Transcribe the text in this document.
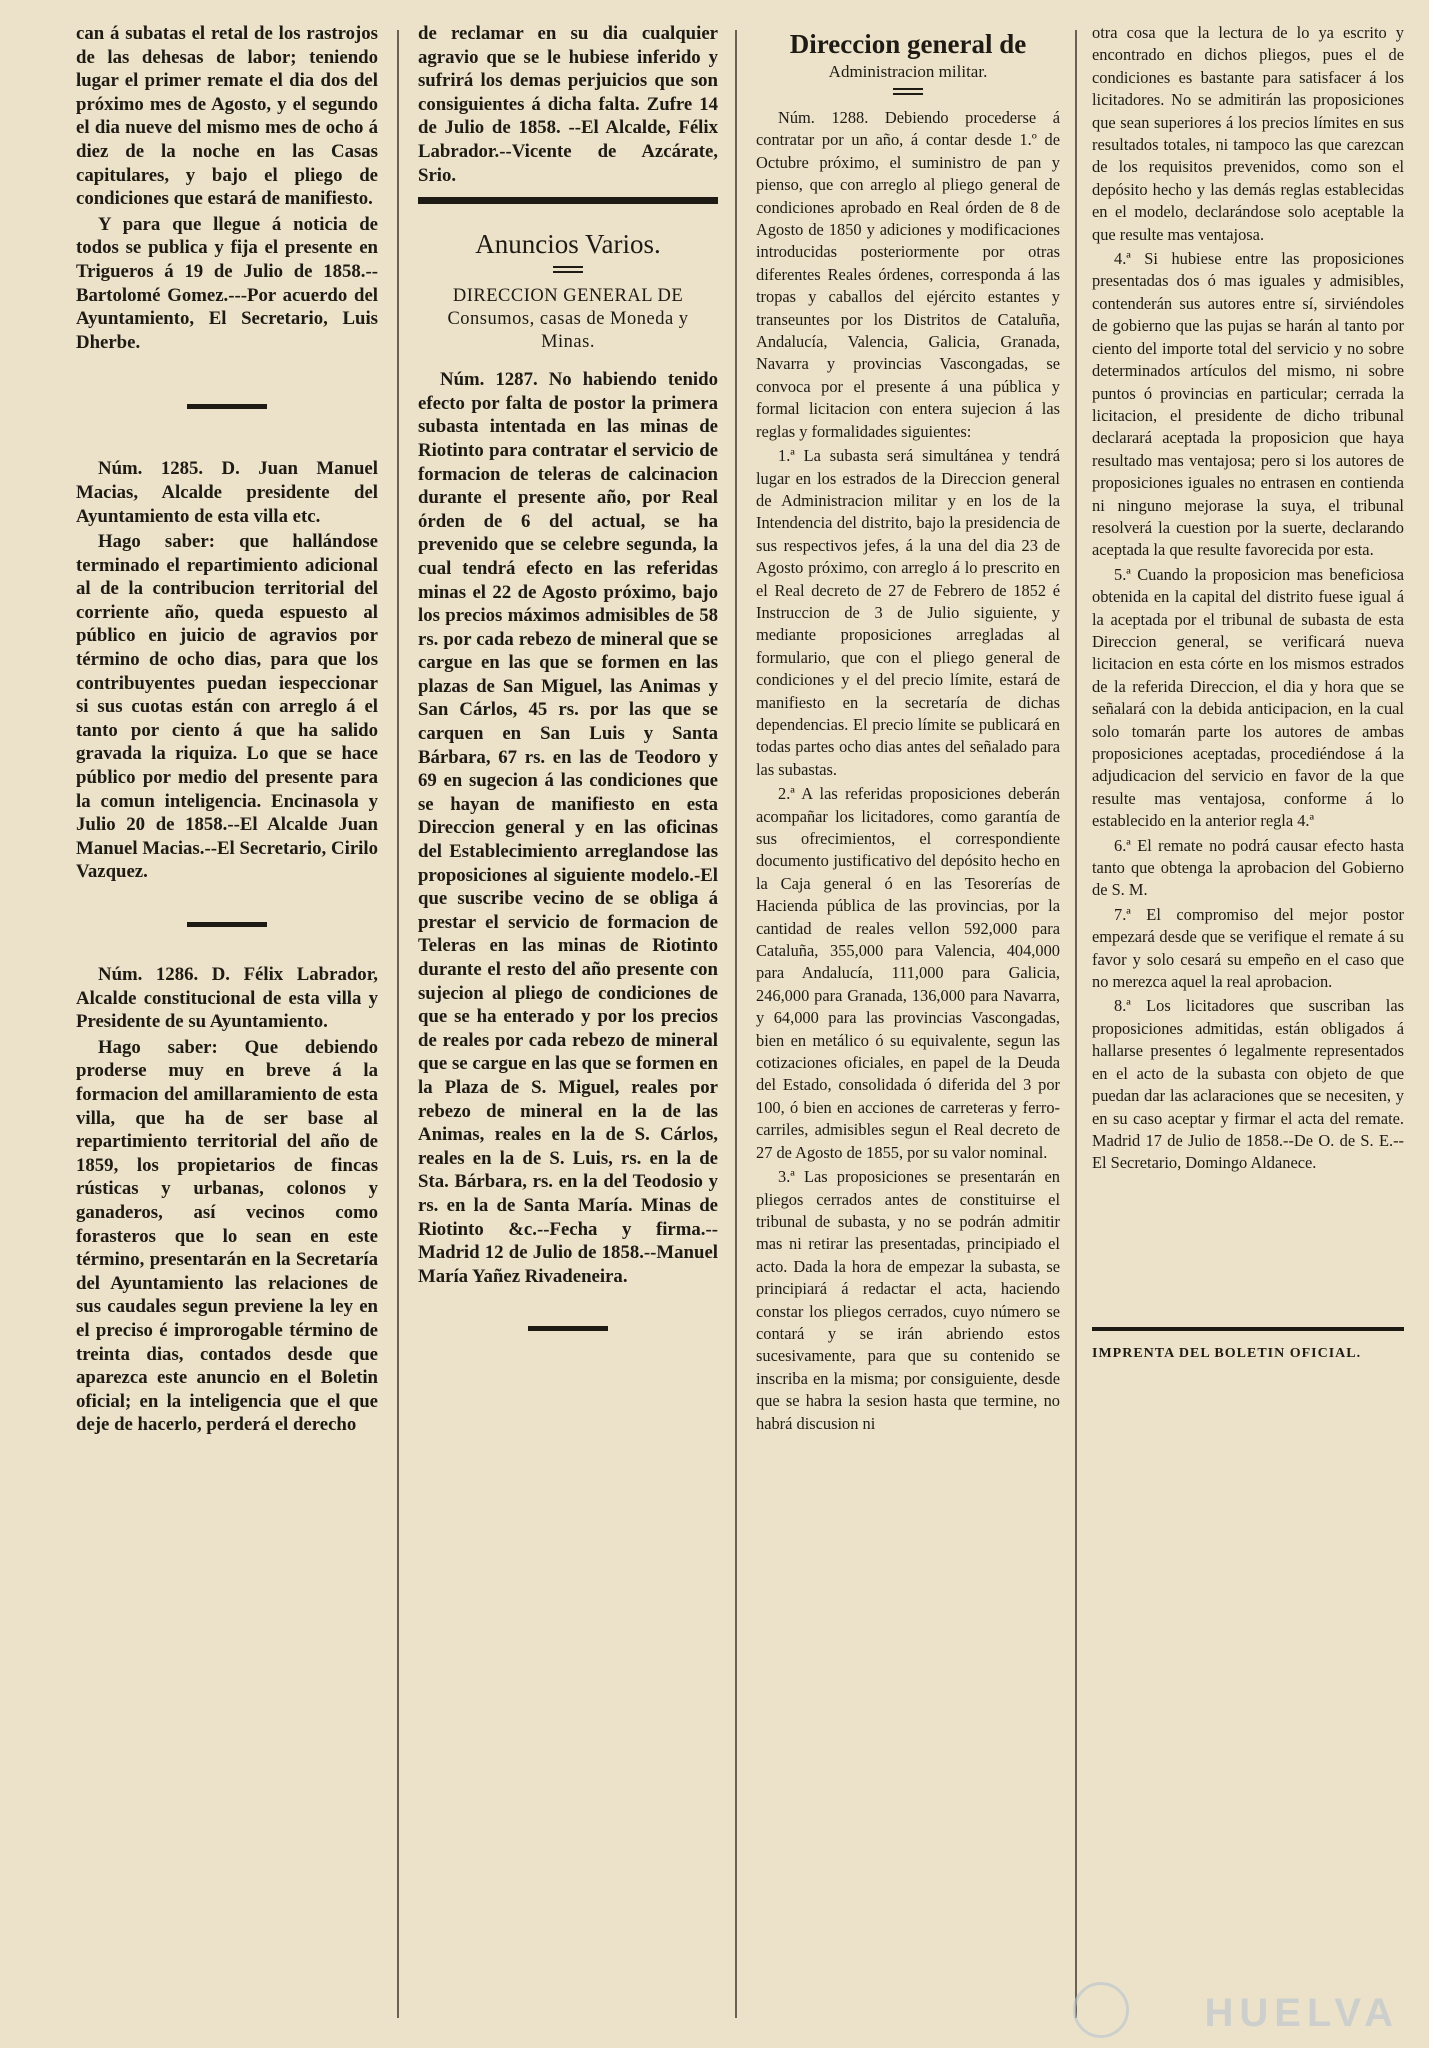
can á subatas el retal de los rastrojos de las dehesas de labor; teniendo lugar el primer remate el dia dos del próximo mes de Agosto, y el segundo el dia nueve del mismo mes de ocho á diez de la noche en las Casas capitulares, y bajo el pliego de condiciones que estará de manifiesto.

Y para que llegue á noticia de todos se publica y fija el presente en Trigueros á 19 de Julio de 1858.--Bartolomé Gomez.---Por acuerdo del Ayuntamiento, El Secretario, Luis Dherbe.

Núm. 1285. D. Juan Manuel Macias, Alcalde presidente del Ayuntamiento de esta villa etc.

Hago saber: que hallándose terminado el repartimiento adicional al de la contribucion territorial del corriente año, queda espuesto al público en juicio de agravios por término de ocho dias, para que los contribuyentes puedan iespeccionar si sus cuotas están con arreglo á el tanto por ciento á que ha salido gravada la riquiza. Lo que se hace público por medio del presente para la comun inteligencia. Encinasola y Julio 20 de 1858.--El Alcalde Juan Manuel Macias.--El Secretario, Cirilo Vazquez.

Núm. 1286. D. Félix Labrador, Alcalde constitucional de esta villa y Presidente de su Ayuntamiento.

Hago saber: Que debiendo proderse muy en breve á la formacion del amillaramiento de esta villa, que ha de ser base al repartimiento territorial del año de 1859, los propietarios de fincas rústicas y urbanas, colonos y ganaderos, así vecinos como forasteros que lo sean en este término, presentarán en la Secretaría del Ayuntamiento las relaciones de sus caudales segun previene la ley en el preciso é improrogable término de treinta dias, contados desde que aparezca este anuncio en el Boletin oficial; en la inteligencia que el que deje de hacerlo, perderá el derecho

de reclamar en su dia cualquier agravio que se le hubiese inferido y sufrirá los demas perjuicios que son consiguientes á dicha falta. Zufre 14 de Julio de 1858. --El Alcalde, Félix Labrador.--Vicente de Azcárate, Srio.

Anuncios Varios.
DIRECCION GENERAL DE Consumos, casas de Moneda y Minas.

Núm. 1287. No habiendo tenido efecto por falta de postor la primera subasta intentada en las minas de Riotinto para contratar el servicio de formacion de teleras de calcinacion durante el presente año, por Real órden de 6 del actual, se ha prevenido que se celebre segunda, la cual tendrá efecto en las referidas minas el 22 de Agosto próximo, bajo los precios máximos admisibles de 58 rs. por cada rebezo de mineral que se cargue en las que se formen en las plazas de San Miguel, las Animas y San Cárlos, 45 rs. por las que se carquen en San Luis y Santa Bárbara, 67 rs. en las de Teodoro y 69 en sugecion á las condiciones que se hayan de manifiesto en esta Direccion general y en las oficinas del Establecimiento arreglandose las proposiciones al siguiente modelo.-El que suscribe vecino de se obliga á prestar el servicio de formacion de Teleras en las minas de Riotinto durante el resto del año presente con sujecion al pliego de condiciones de que se ha enterado y por los precios de reales por cada rebezo de mineral que se cargue en las que se formen en la Plaza de S. Miguel, reales por rebezo de mineral en la de las Animas, reales en la de S. Cárlos, reales en la de S. Luis, rs. en la de Sta. Bárbara, rs. en la del Teodosio y rs. en la de Santa María. Minas de Riotinto &c.--Fecha y firma.--Madrid 12 de Julio de 1858.--Manuel María Yañez Rivadeneira.

Direccion general de
Administracion militar.

Núm. 1288. Debiendo procederse á contratar por un año, á contar desde 1.º de Octubre próximo, el suministro de pan y pienso, que con arreglo al pliego general de condiciones aprobado en Real órden de 8 de Agosto de 1850 y adiciones y modificaciones introducidas posteriormente por otras diferentes Reales órdenes, corresponda á las tropas y caballos del ejército estantes y transeuntes por los Distritos de Cataluña, Andalucía, Valencia, Galicia, Granada, Navarra y provincias Vascongadas, se convoca por el presente á una pública y formal licitacion con entera sujecion á las reglas y formalidades siguientes:

1.ª La subasta será simultánea y tendrá lugar en los estrados de la Direccion general de Administracion militar y en los de la Intendencia del distrito, bajo la presidencia de sus respectivos jefes, á la una del dia 23 de Agosto próximo, con arreglo á lo prescrito en el Real decreto de 27 de Febrero de 1852 é Instruccion de 3 de Julio siguiente, y mediante proposiciones arregladas al formulario, que con el pliego general de condiciones y el del precio límite, estará de manifiesto en la secretaría de dichas dependencias. El precio límite se publicará en todas partes ocho dias antes del señalado para las subastas.

2.ª A las referidas proposiciones deberán acompañar los licitadores, como garantía de sus ofrecimientos, el correspondiente documento justificativo del depósito hecho en la Caja general ó en las Tesorerías de Hacienda pública de las provincias, por la cantidad de reales vellon 592,000 para Cataluña, 355,000 para Valencia, 404,000 para Andalucía, 111,000 para Galicia, 246,000 para Granada, 136,000 para Navarra, y 64,000 para las provincias Vascongadas, bien en metálico ó su equivalente, segun las cotizaciones oficiales, en papel de la Deuda del Estado, consolidada ó diferida del 3 por 100, ó bien en acciones de carreteras y ferro-carriles, admisibles segun el Real decreto de 27 de Agosto de 1855, por su valor nominal.

3.ª Las proposiciones se presentarán en pliegos cerrados antes de constituirse el tribunal de subasta, y no se podrán admitir mas ni retirar las presentadas, principiado el acto. Dada la hora de empezar la subasta, se principiará á redactar el acta, haciendo constar los pliegos cerrados, cuyo número se contará y se irán abriendo estos sucesivamente, para que su contenido se inscriba en la misma; por consiguiente, desde que se habra la sesion hasta que termine, no habrá discusion ni

otra cosa que la lectura de lo ya escrito y encontrado en dichos pliegos, pues el de condiciones es bastante para satisfacer á los licitadores. No se admitirán las proposiciones que sean superiores á los precios límites en sus resultados totales, ni tampoco las que carezcan de los requisitos prevenidos, como son el depósito hecho y las demás reglas establecidas en el modelo, declarándose solo aceptable la que resulte mas ventajosa.

4.ª Si hubiese entre las proposiciones presentadas dos ó mas iguales y admisibles, contenderán sus autores entre sí, sirviéndoles de gobierno que las pujas se harán al tanto por ciento del importe total del servicio y no sobre determinados artículos del mismo, ni sobre puntos ó provincias en particular; cerrada la licitacion, el presidente de dicho tribunal declarará aceptada la proposicion que haya resultado mas ventajosa; pero si los autores de proposiciones iguales no entrasen en contienda ni ninguno mejorase la suya, el tribunal resolverá la cuestion por la suerte, declarando aceptada la que resulte favorecida por esta.

5.ª Cuando la proposicion mas beneficiosa obtenida en la capital del distrito fuese igual á la aceptada por el tribunal de subasta de esta Direccion general, se verificará nueva licitacion en esta córte en los mismos estrados de la referida Direccion, el dia y hora que se señalará con la debida anticipacion, en la cual solo tomarán parte los autores de ambas proposiciones aceptadas, procediéndose á la adjudicacion del servicio en favor de la que resulte mas ventajosa, conforme á lo establecido en la anterior regla 4.ª

6.ª El remate no podrá causar efecto hasta tanto que obtenga la aprobacion del Gobierno de S. M.

7.ª El compromiso del mejor postor empezará desde que se verifique el remate á su favor y solo cesará su empeño en el caso que no merezca aquel la real aprobacion.

8.ª Los licitadores que suscriban las proposiciones admitidas, están obligados á hallarse presentes ó legalmente representados en el acto de la subasta con objeto de que puedan dar las aclaraciones que se necesiten, y en su caso aceptar y firmar el acta del remate. Madrid 17 de Julio de 1858.--De O. de S. E.--El Secretario, Domingo Aldanece.

IMPRENTA DEL BOLETIN OFICIAL.
HUELVA
